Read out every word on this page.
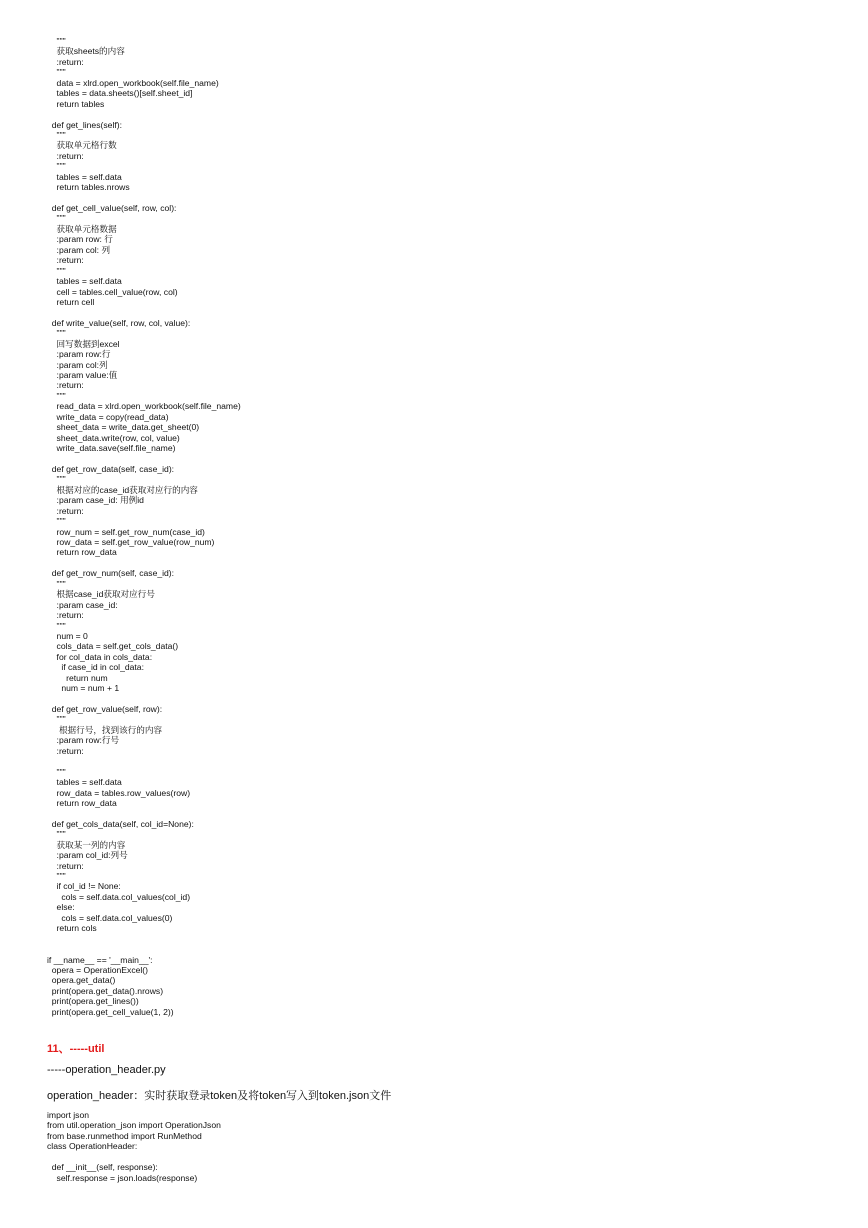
"""
获取sheets的内容
:return:
"""
data = xlrd.open_workbook(self.file_name)
tables = data.sheets()[self.sheet_id]
return tables
def get_lines(self):
"""
获取单元格行数
:return:
"""
tables = self.data
return tables.nrows
def get_cell_value(self, row, col):
"""
获取单元格数据
:param row: 行
:param col: 列
:return:
"""
tables = self.data
cell = tables.cell_value(row, col)
return cell
def write_value(self, row, col, value):
"""
回写数据到excel
:param row:行
:param col:列
:param value:值
:return:
"""
read_data = xlrd.open_workbook(self.file_name)
write_data = copy(read_data)
sheet_data = write_data.get_sheet(0)
sheet_data.write(row, col, value)
write_data.save(self.file_name)
def get_row_data(self, case_id):
"""
根据对应的case_id获取对应行的内容
:param case_id: 用例id
:return:
"""
row_num = self.get_row_num(case_id)
row_data = self.get_row_value(row_num)
return row_data
def get_row_num(self, case_id):
"""
根据case_id获取对应行号
:param case_id:
:return:
"""
num = 0
cols_data = self.get_cols_data()
for col_data in cols_data:
if case_id in col_data:
return num
num = num + 1
def get_row_value(self, row):
"""
根据行号，找到该行的内容
:param row:行号
:return:
"""
tables = self.data
row_data = tables.row_values(row)
return row_data
def get_cols_data(self, col_id=None):
"""
获取某一列的内容
:param col_id:列号
:return:
"""
if col_id != None:
cols = self.data.col_values(col_id)
else:
cols = self.data.col_values(0)
return cols
if __name__ == '__main__':
opera = OperationExcel()
opera.get_data()
print(opera.get_data().nrows)
print(opera.get_lines())
print(opera.get_cell_value(1, 2))
11、-----util
-----operation_header.py
operation_header：实时获取登录token及将token写入到token.json文件
import json
from util.operation_json import OperationJson
from base.runmethod import RunMethod
class OperationHeader:
def __init__(self, response):
self.response = json.loads(response)
